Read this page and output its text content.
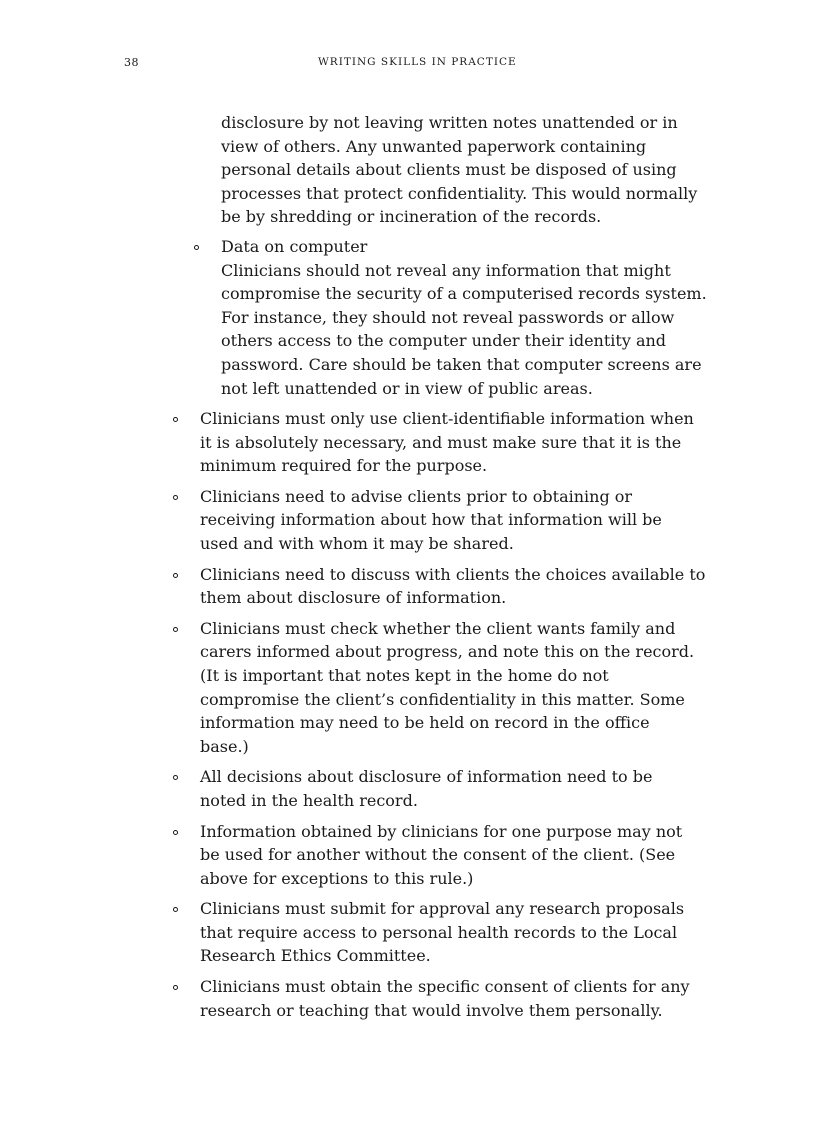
38	WRITING SKILLS IN PRACTICE
disclosure by not leaving written notes unattended or in
view of others. Any unwanted paperwork containing
personal details about clients must be disposed of using
processes that protect confidentiality. This would normally
be by shredding or incineration of the records.
Data on computer
Clinicians should not reveal any information that might
compromise the security of a computerised records system.
For instance, they should not reveal passwords or allow
others access to the computer under their identity and
password. Care should be taken that computer screens are
not left unattended or in view of public areas.
Clinicians must only use client-identifiable information when
it is absolutely necessary, and must make sure that it is the
minimum required for the purpose.
Clinicians need to advise clients prior to obtaining or
receiving information about how that information will be
used and with whom it may be shared.
Clinicians need to discuss with clients the choices available to
them about disclosure of information.
Clinicians must check whether the client wants family and
carers informed about progress, and note this on the record.
(It is important that notes kept in the home do not
compromise the client’s confidentiality in this matter. Some
information may need to be held on record in the office
base.)
All decisions about disclosure of information need to be
noted in the health record.
Information obtained by clinicians for one purpose may not
be used for another without the consent of the client. (See
above for exceptions to this rule.)
Clinicians must submit for approval any research proposals
that require access to personal health records to the Local
Research Ethics Committee.
Clinicians must obtain the specific consent of clients for any
research or teaching that would involve them personally.
